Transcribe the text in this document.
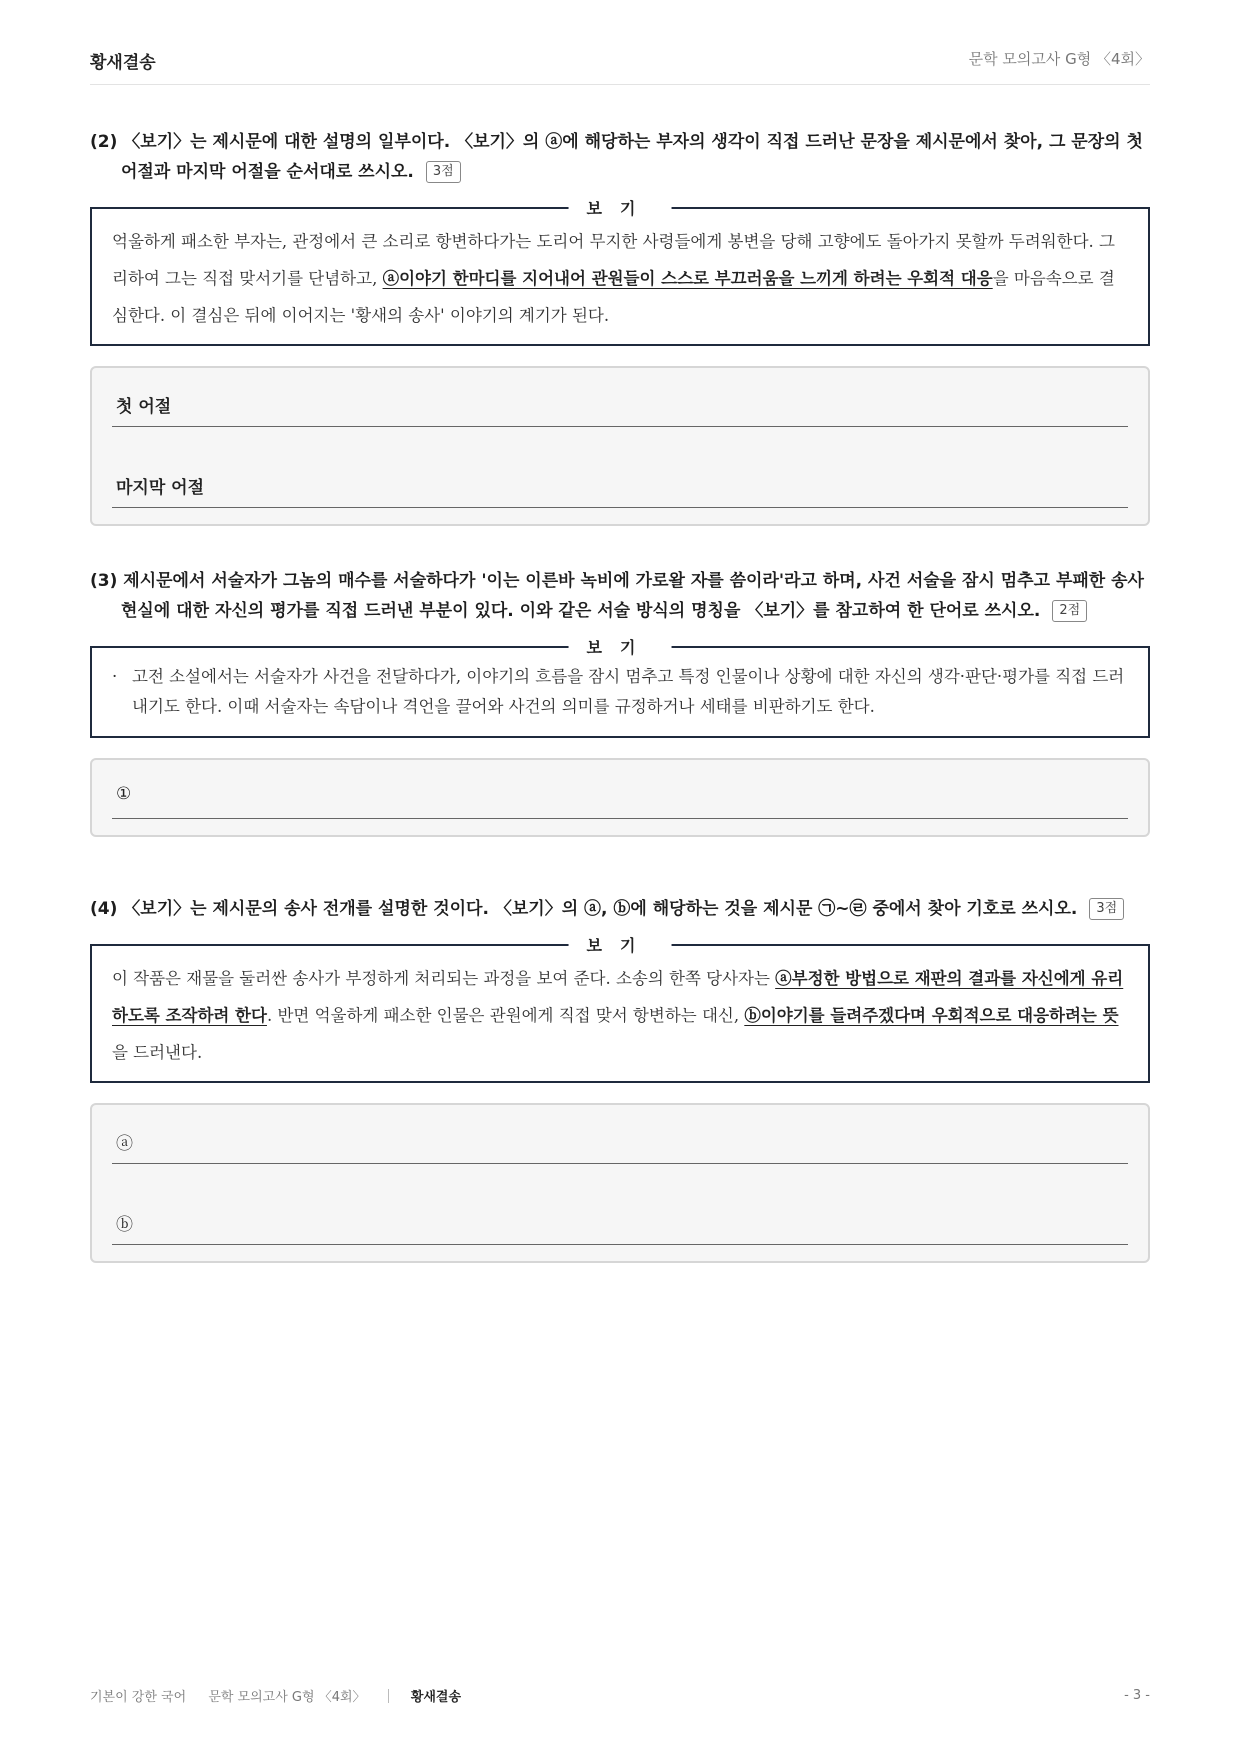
황새결송	문학 모의고사 G형 〈4회〉
(2) 〈보기〉는 제시문에 대한 설명의 일부이다. 〈보기〉의 ⓐ에 해당하는 부자의 생각이 직접 드러난 문장을 제시문에서 찾아, 그 문장의 첫 어절과 마지막 어절을 순서대로 쓰시오. 3점
보기
억울하게 패소한 부자는, 관정에서 큰 소리로 항변하다가는 도리어 무지한 사령들에게 봉변을 당해 고향에도 돌아가지 못할까 두려워한다. 그리하여 그는 직접 맞서기를 단념하고, ⓐ이야기 한마디를 지어내어 관원들이 스스로 부끄러움을 느끼게 하려는 우회적 대응을 마음속으로 결심한다. 이 결심은 뒤에 이어지는 '황새의 송사' 이야기의 계기가 된다.
첫 어절
마지막 어절
(3) 제시문에서 서술자가 그놈의 매수를 서술하다가 '이는 이른바 녹비에 가로왈 자를 씀이라'라고 하며, 사건 서술을 잠시 멈추고 부패한 송사 현실에 대한 자신의 평가를 직접 드러낸 부분이 있다. 이와 같은 서술 방식의 명칭을 〈보기〉를 참고하여 한 단어로 쓰시오. 2점
보기
· 고전 소설에서는 서술자가 사건을 전달하다가, 이야기의 흐름을 잠시 멈추고 특정 인물이나 상황에 대한 자신의 생각·판단·평가를 직접 드러내기도 한다. 이때 서술자는 속담이나 격언을 끌어와 사건의 의미를 규정하거나 세태를 비판하기도 한다.
①
(4) 〈보기〉는 제시문의 송사 전개를 설명한 것이다. 〈보기〉의 ⓐ, ⓑ에 해당하는 것을 제시문 ㉠~㉣ 중에서 찾아 기호로 쓰시오. 3점
보기
이 작품은 재물을 둘러싼 송사가 부정하게 처리되는 과정을 보여 준다. 소송의 한쪽 당사자는 ⓐ부정한 방법으로 재판의 결과를 자신에게 유리하도록 조작하려 한다. 반면 억울하게 패소한 인물은 관원에게 직접 맞서 항변하는 대신, ⓑ이야기를 들려주겠다며 우회적으로 대응하려는 뜻을 드러낸다.
ⓐ
ⓑ
기본이 강한 국어 문학 모의고사 G형 〈4회〉	황새결송	- 3 -
